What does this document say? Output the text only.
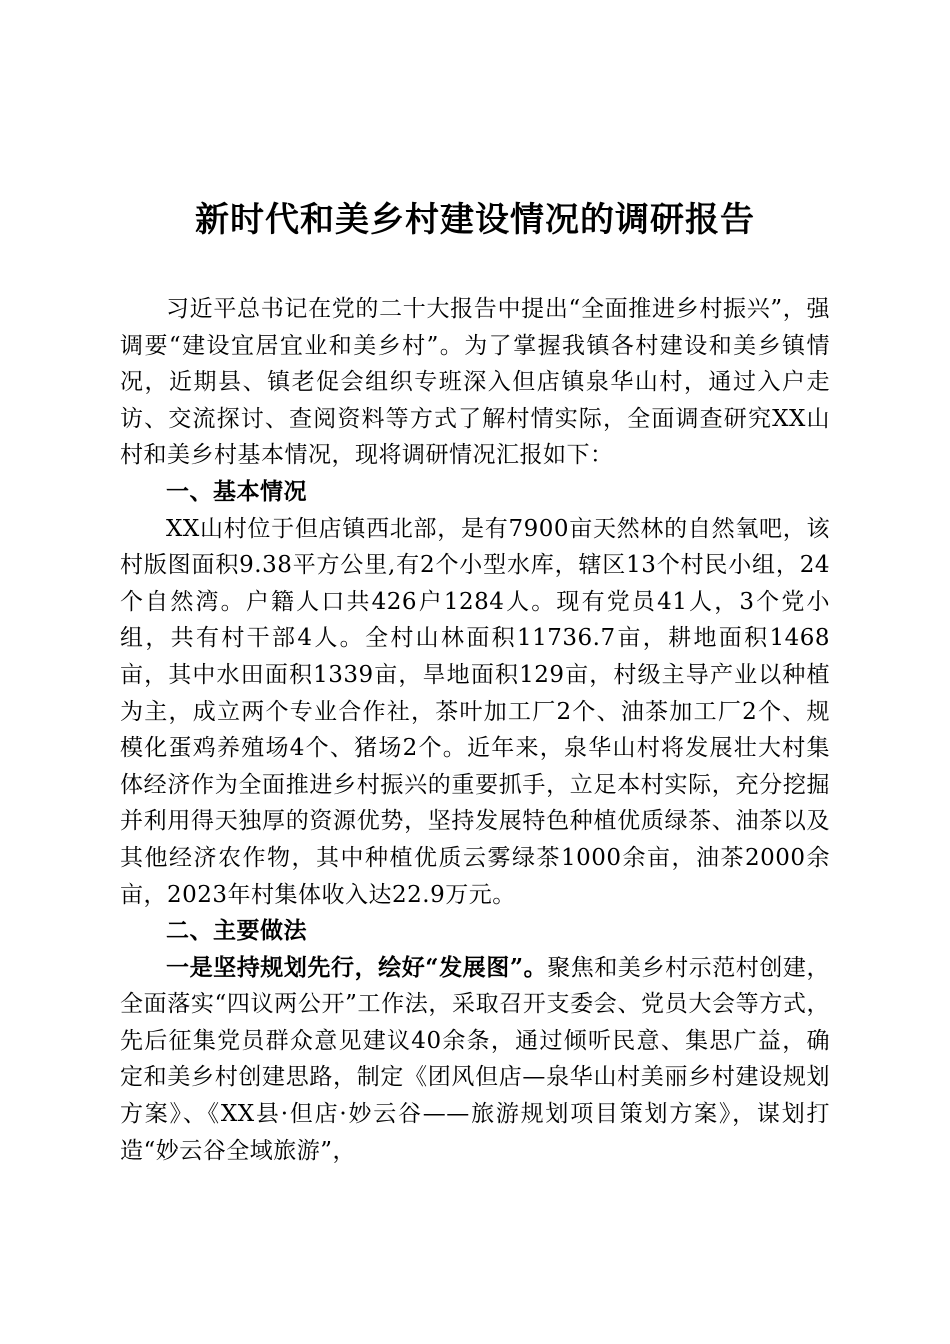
新时代和美乡村建设情况的调研报告

习近平总书记在党的二十大报告中提出“全面推进乡村振兴”，强调要“建设宜居宜业和美乡村”。为了掌握我镇各村建设和美乡镇情况，近期县、镇老促会组织专班深入但店镇泉华山村，通过入户走访、交流探讨、查阅资料等方式了解村情实际，全面调查研究XX山村和美乡村基本情况，现将调研情况汇报如下：

一、基本情况

XX山村位于但店镇西北部，是有7900亩天然林的自然氧吧，该村版图面积9.38平方公里,有2个小型水库，辖区13个村民小组，24个自然湾。户籍人口共426户1284人。现有党员41人，3个党小组，共有村干部4人。全村山林面积11736.7亩，耕地面积1468亩，其中水田面积1339亩，旱地面积129亩，村级主导产业以种植为主，成立两个专业合作社，茶叶加工厂2个、油茶加工厂2个、规模化蛋鸡养殖场4个、猪场2个。近年来，泉华山村将发展壮大村集体经济作为全面推进乡村振兴的重要抓手，立足本村实际，充分挖掘并利用得天独厚的资源优势，坚持发展特色种植优质绿茶、油茶以及其他经济农作物，其中种植优质云雾绿茶1000余亩，油茶2000余亩，2023年村集体收入达22.9万元。

二、主要做法

一是坚持规划先行，绘好“发展图”。聚焦和美乡村示范村创建，全面落实“四议两公开”工作法，采取召开支委会、党员大会等方式，先后征集党员群众意见建议40余条，通过倾听民意、集思广益，确定和美乡村创建思路，制定《团风但店—泉华山村美丽乡村建设规划方案》、《XX县·但店·妙云谷——旅游规划项目策划方案》，谋划打造“妙云谷全域旅游”，
